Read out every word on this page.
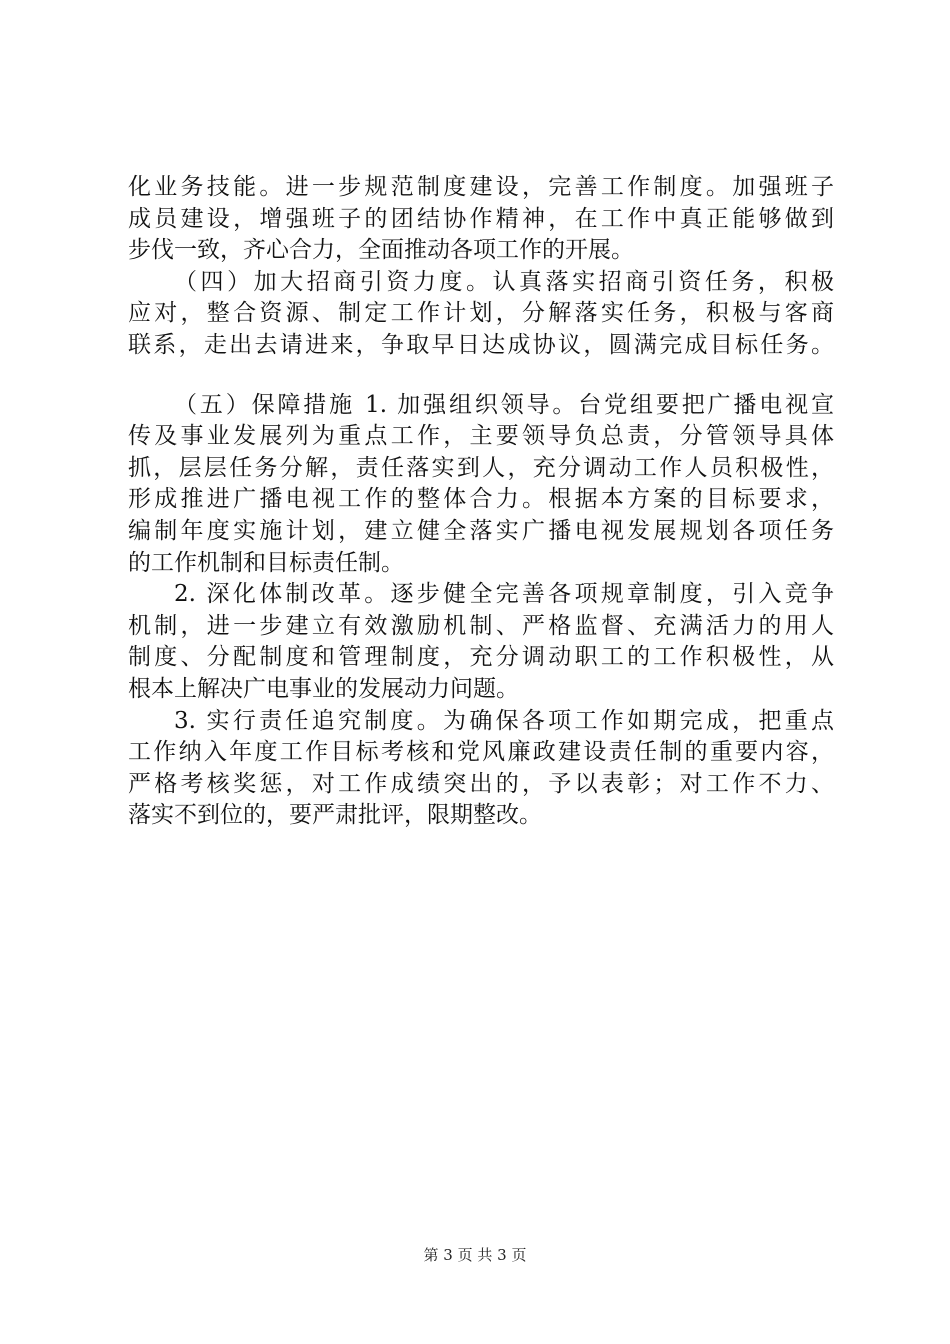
化业务技能。进一步规范制度建设，完善工作制度。加强班子
成员建设，增强班子的团结协作精神，在工作中真正能够做到
步伐一致，齐心合力，全面推动各项工作的开展。
（四）加大招商引资力度。认真落实招商引资任务，积极
应对，整合资源、制定工作计划，分解落实任务，积极与客商
联系，走出去请进来，争取早日达成协议，圆满完成目标任务。
（五）保障措施 1. 加强组织领导。台党组要把广播电视宣
传及事业发展列为重点工作，主要领导负总责，分管领导具体
抓，层层任务分解，责任落实到人，充分调动工作人员积极性，
形成推进广播电视工作的整体合力。根据本方案的目标要求，
编制年度实施计划，建立健全落实广播电视发展规划各项任务
的工作机制和目标责任制。
2. 深化体制改革。逐步健全完善各项规章制度，引入竞争
机制，进一步建立有效激励机制、严格监督、充满活力的用人
制度、分配制度和管理制度，充分调动职工的工作积极性，从
根本上解决广电事业的发展动力问题。
3. 实行责任追究制度。为确保各项工作如期完成，把重点
工作纳入年度工作目标考核和党风廉政建设责任制的重要内容，
严格考核奖惩，对工作成绩突出的，予以表彰；对工作不力、
落实不到位的，要严肃批评，限期整改。
第 3 页 共 3 页
